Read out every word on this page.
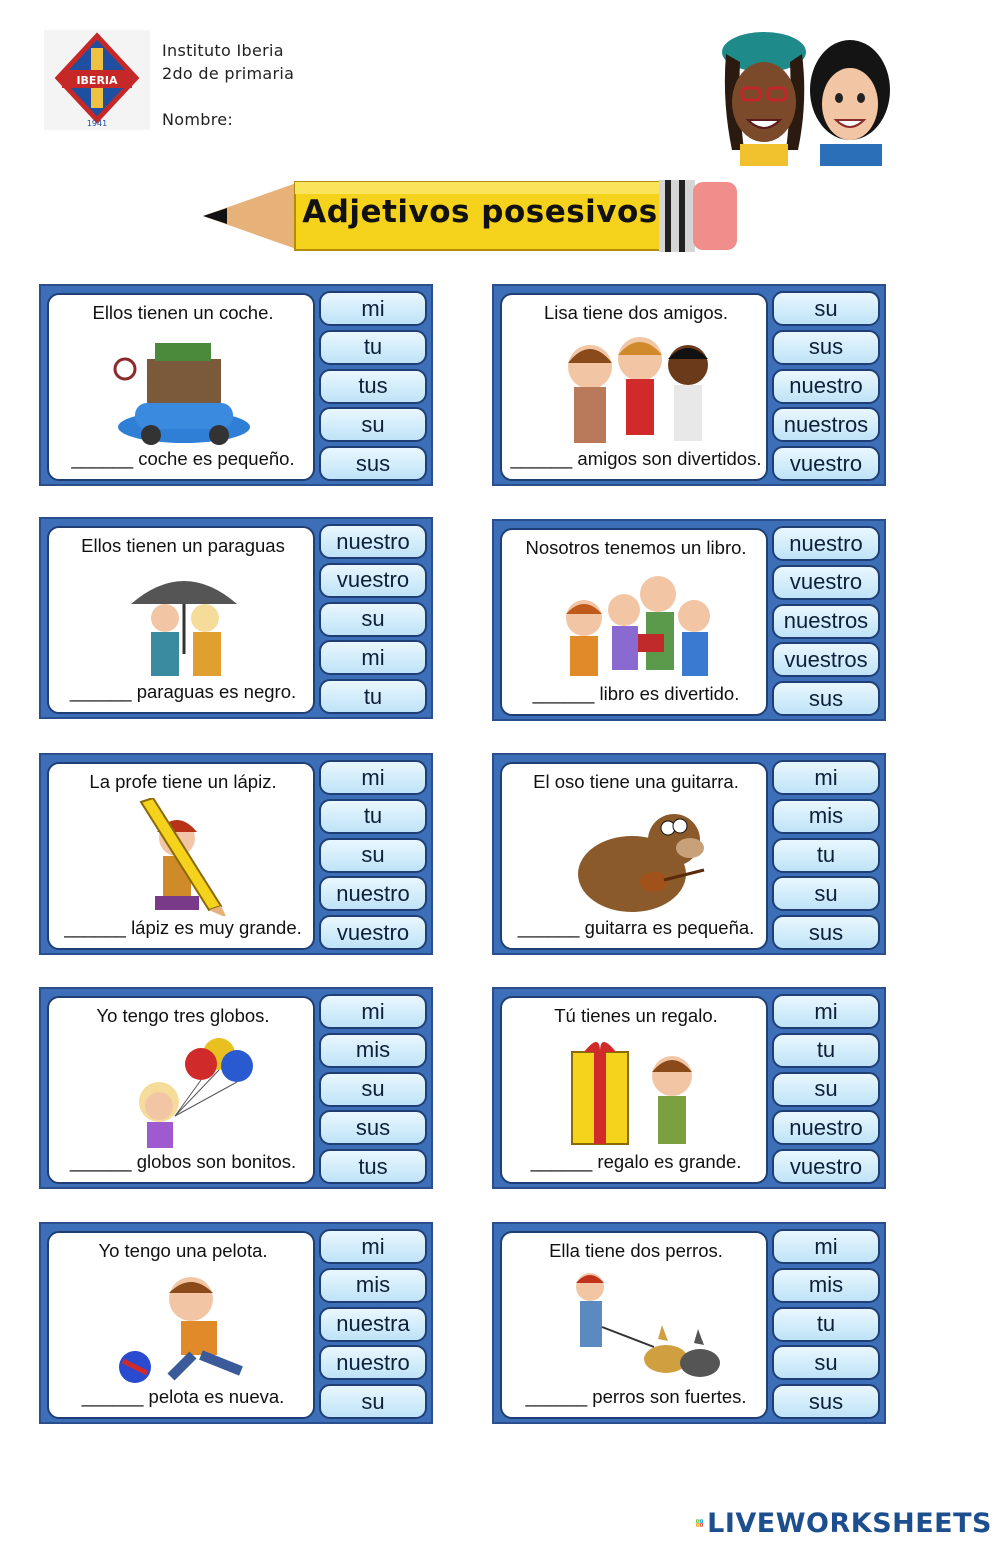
IBERIA
1941
Instituto Iberia
2do de primaria
Nombre:
Adjetivos posesivos
Ellos tienen un coche.
______ coche es pequeño.
mi
tu
tus
su
sus
Lisa tiene dos amigos.
______ amigos son divertidos.
su
sus
nuestro
nuestros
vuestro
Ellos tienen un paraguas
______ paraguas es negro.
nuestro
vuestro
su
mi
tu
Nosotros tenemos un libro.
______ libro es divertido.
nuestro
vuestro
nuestros
vuestros
sus
La profe tiene un lápiz.
______ lápiz es muy grande.
mi
tu
su
nuestro
vuestro
El oso tiene una guitarra.
______ guitarra es pequeña.
mi
mis
tu
su
sus
Yo tengo tres globos.
______ globos son bonitos.
mi
mis
su
sus
tus
Tú tienes un regalo.
______ regalo es grande.
mi
tu
su
nuestro
vuestro
Yo tengo una pelota.
______ pelota es nueva.
mi
mis
nuestra
nuestro
su
Ella tiene dos perros.
______ perros son fuertes.
mi
mis
tu
su
sus
L I
V E LIVEWORKSHEETS
